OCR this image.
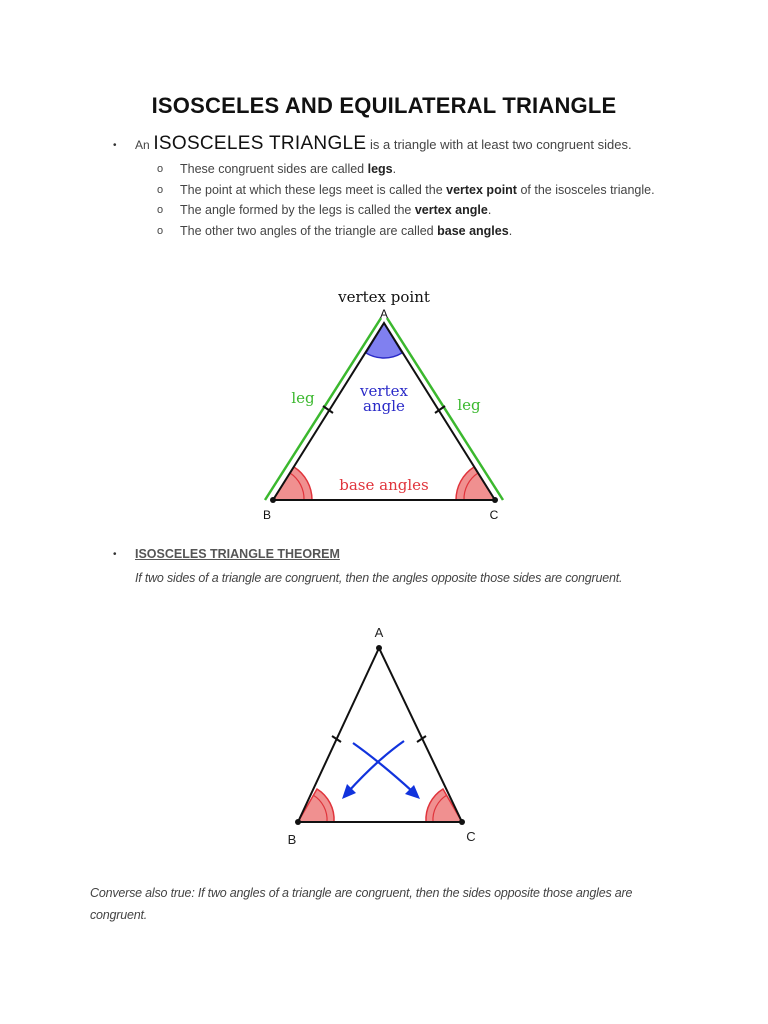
ISOSCELES AND EQUILATERAL TRIANGLE
• An ISOSCELES TRIANGLE is a triangle with at least two congruent sides.

o These congruent sides are called legs.

o The point at which these legs meet is called the vertex point of the isosceles triangle.

o The angle formed by the legs is called the vertex angle.

o The other two angles of the triangle are called base angles.

vertex point
A
B	C
leg	leg
vertex
angle
base angles
A
B	C
• ISOSCELES TRIANGLE THEOREM
If two sides of a triangle are congruent, then the angles opposite those sides are congruent.
Converse also true: If two angles of a triangle are congruent, then the sides opposite those angles are congruent.
